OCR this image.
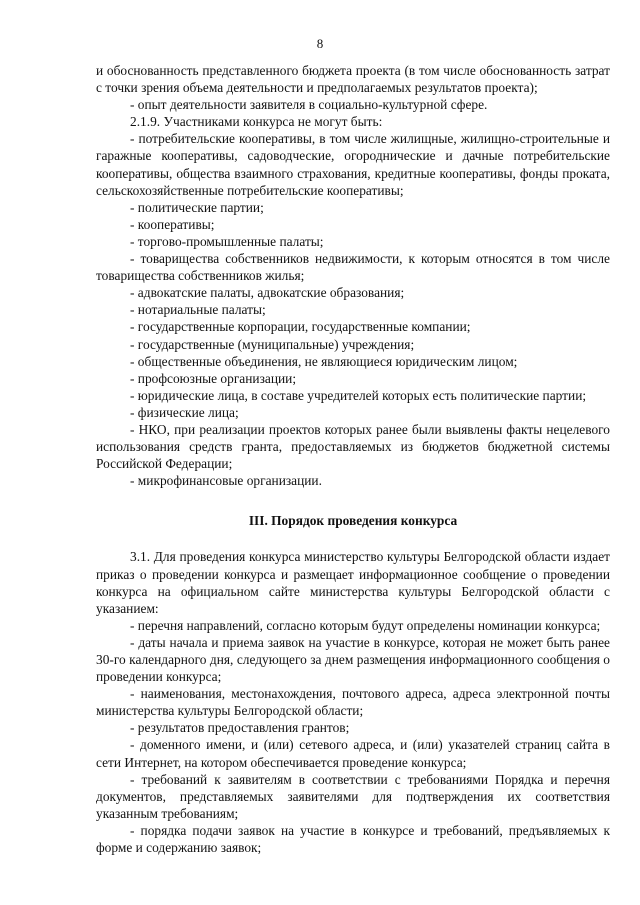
8

и обоснованность представленного бюджета проекта (в том числе обоснованность затрат с точки зрения объема деятельности и предполагаемых результатов проекта);

- опыт деятельности заявителя в социально-культурной сфере.

2.1.9. Участниками конкурса не могут быть:

- потребительские кооперативы, в том числе жилищные, жилищно-строительные и гаражные кооперативы, садоводческие, огороднические и дачные потребительские кооперативы, общества взаимного страхования, кредитные кооперативы, фонды проката, сельскохозяйственные потребительские кооперативы;

- политические партии;

- кооперативы;

- торгово-промышленные палаты;

- товарищества собственников недвижимости, к которым относятся в том числе товарищества собственников жилья;

- адвокатские палаты, адвокатские образования;

- нотариальные палаты;

- государственные корпорации, государственные компании;

- государственные (муниципальные) учреждения;

- общественные объединения, не являющиеся юридическим лицом;

- профсоюзные организации;

- юридические лица, в составе учредителей которых есть политические партии;

- физические лица;

- НКО, при реализации проектов которых ранее были выявлены факты нецелевого использования средств гранта, предоставляемых из бюджетов бюджетной системы Российской Федерации;

- микрофинансовые организации.

III. Порядок проведения конкурса

3.1. Для проведения конкурса министерство культуры Белгородской области издает приказ о проведении конкурса и размещает информационное сообщение о проведении конкурса на официальном сайте министерства культуры Белгородской области с указанием:

- перечня направлений, согласно которым будут определены номинации конкурса;

- даты начала и приема заявок на участие в конкурсе, которая не может быть ранее 30-го календарного дня, следующего за днем размещения информационного сообщения о проведении конкурса;

- наименования, местонахождения, почтового адреса, адреса электронной почты министерства культуры Белгородской области;

- результатов предоставления грантов;

- доменного имени, и (или) сетевого адреса, и (или) указателей страниц сайта в сети Интернет, на котором обеспечивается проведение конкурса;

- требований к заявителям в соответствии с требованиями Порядка и перечня документов, представляемых заявителями для подтверждения их соответствия указанным требованиям;

- порядка подачи заявок на участие в конкурсе и требований, предъявляемых к форме и содержанию заявок;
